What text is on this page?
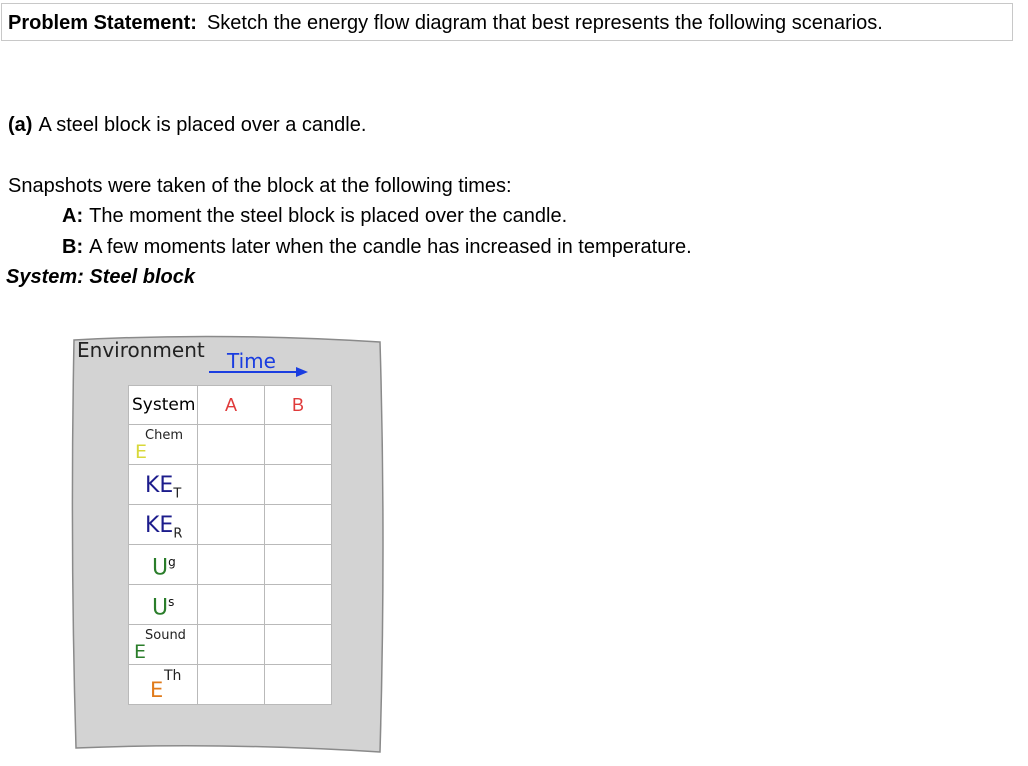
Problem Statement: Sketch the energy flow diagram that best represents the following scenarios.
(a) A steel block is placed over a candle.
Snapshots were taken of the block at the following times:
A: The moment the steel block is placed over the candle.
B: A few moments later when the candle has increased in temperature.
System: Steel block
Environment Time
System	A	B

E
Chem		

$KE_T$

$KE_R$

$U^g$

$U^s$

E
Sound		

E
Th		
